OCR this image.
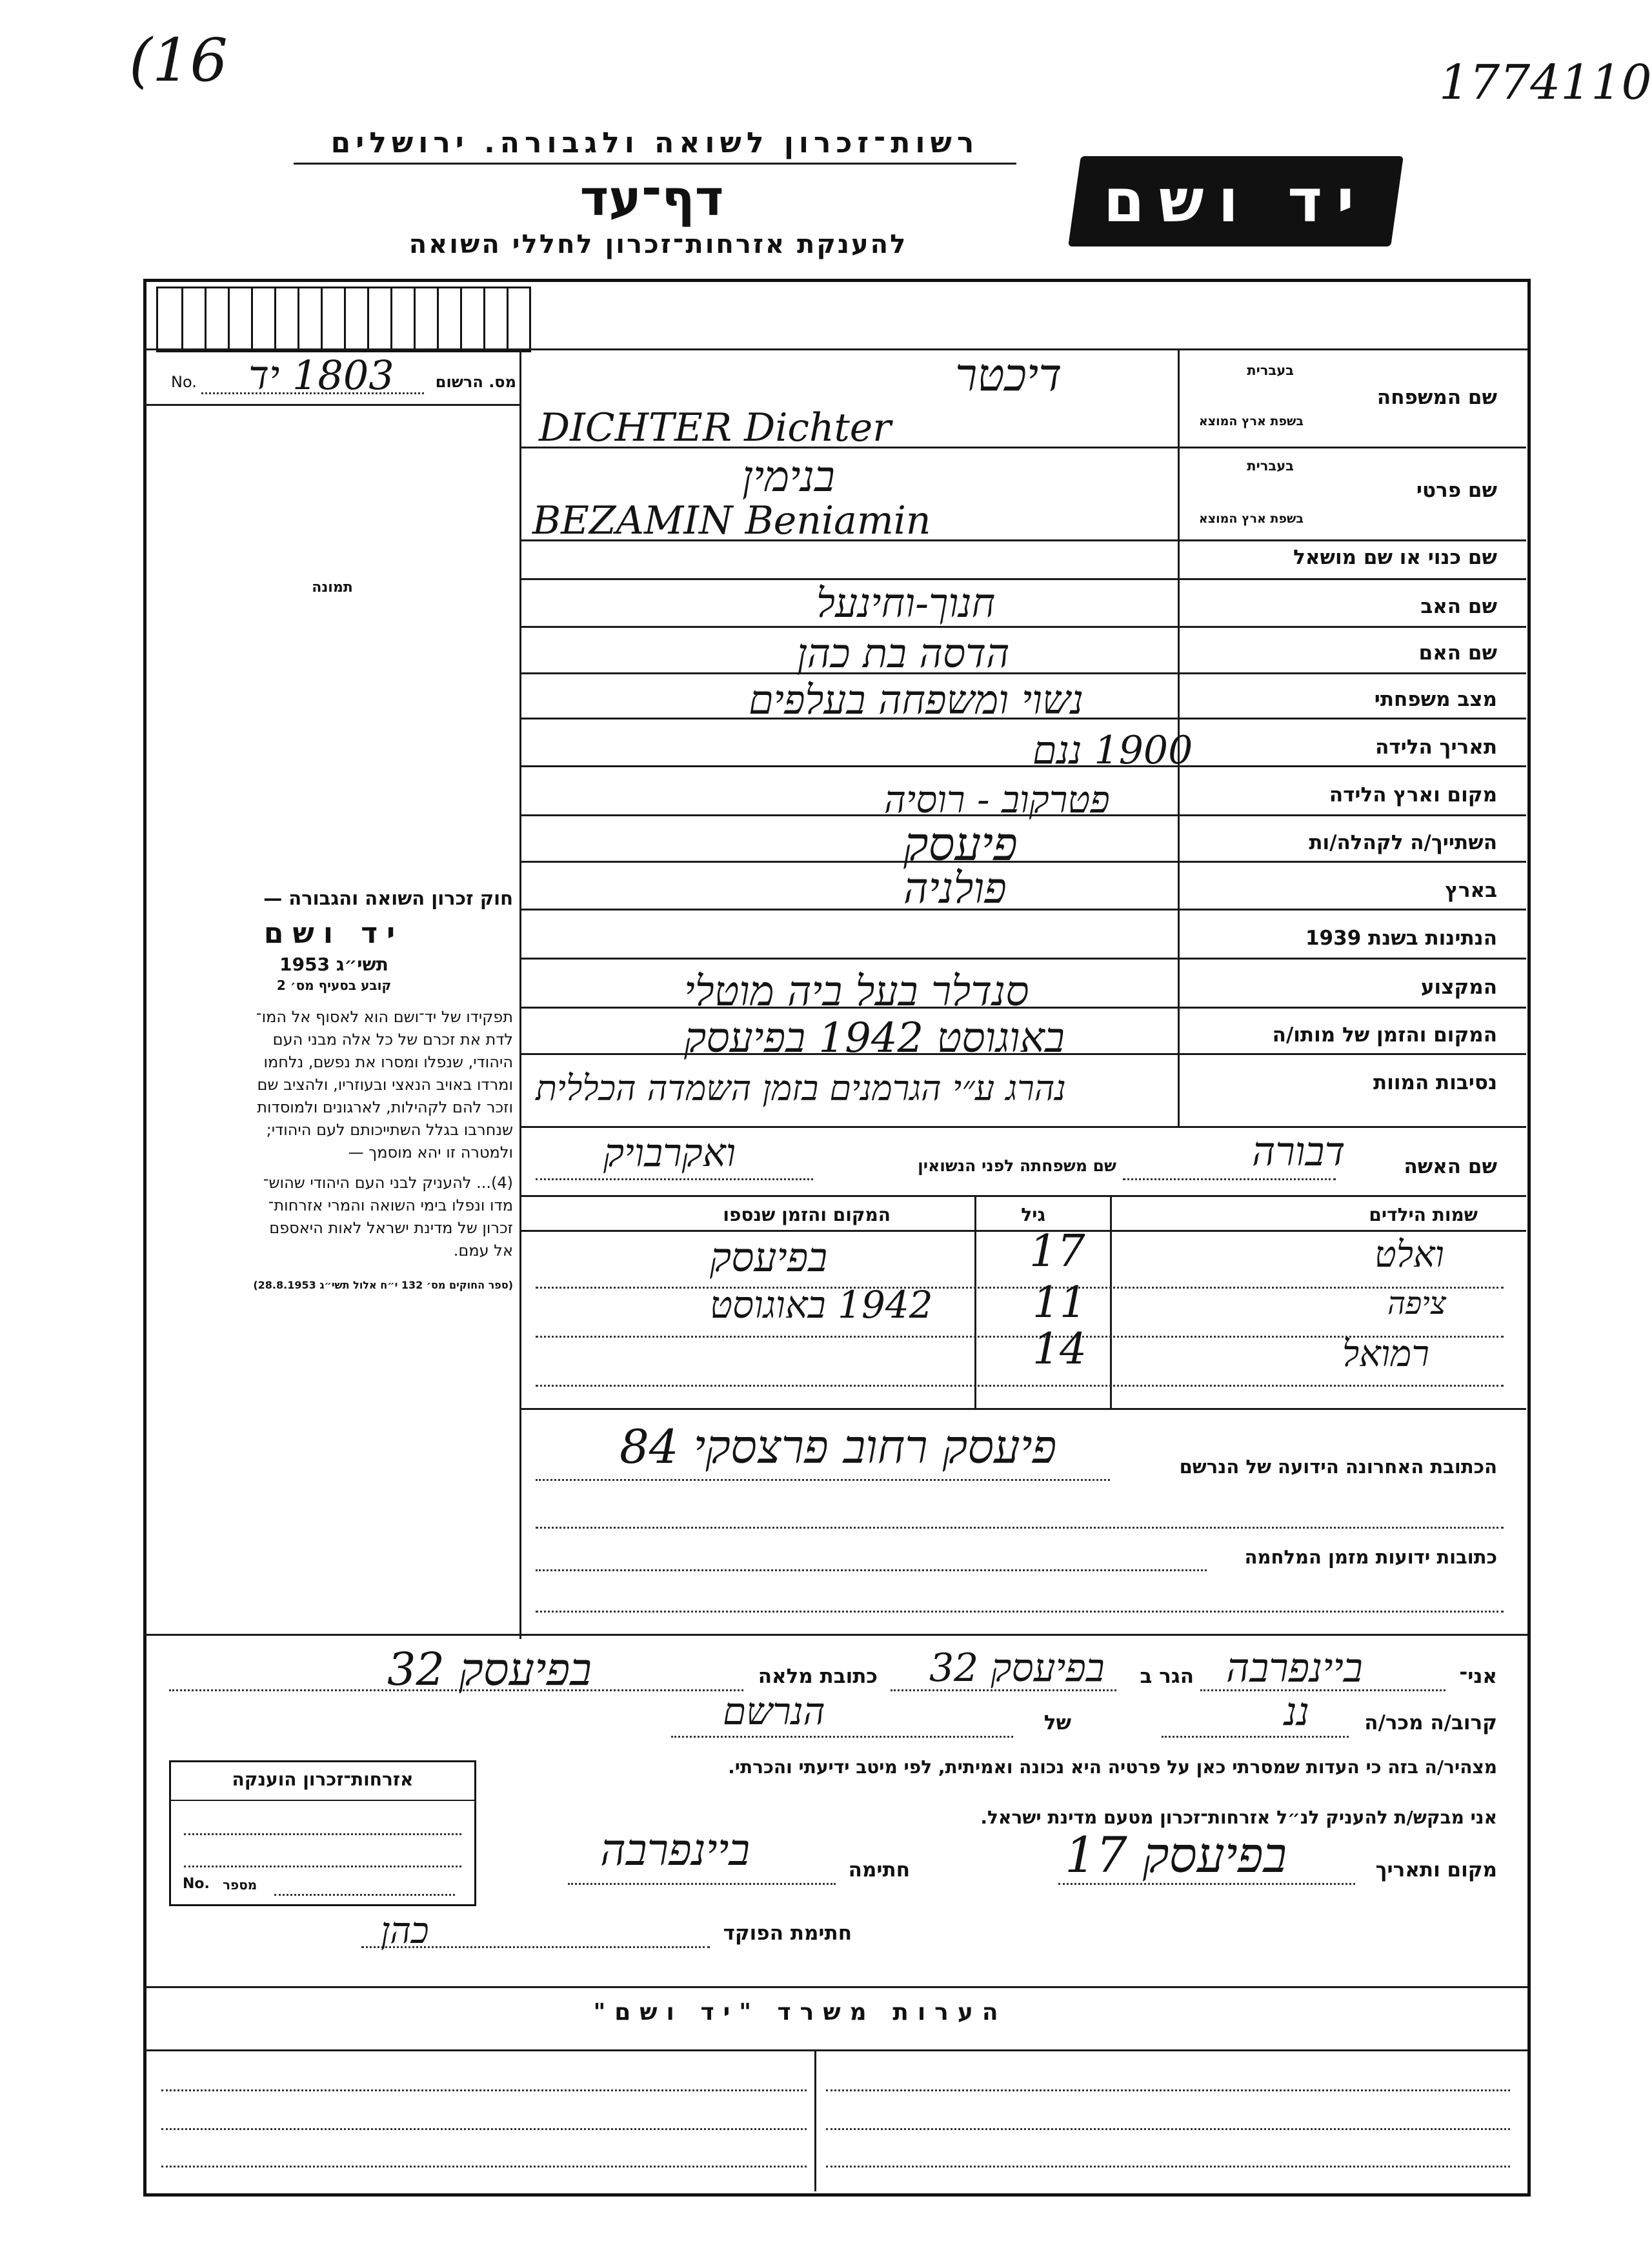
(16	1774110
רשות־זכרון לשואה ולגבורה. ירושלים
דף־עד
להענקת אזרחות־זכרון לחללי השואה
יד ושם
מס. הרשום
No. 1803 יד
תמונה
חוק זכרון השואה והגבורה —
יד ושם
תשי״ג 1953
קובע בסעיף מס׳ 2
תפקידו של יד־ושם הוא לאסוף אל המו־
לדת את זכרם של כל אלה מבני העם
היהודי, שנפלו ומסרו את נפשם, נלחמו
ומרדו באויב הנאצי ובעוזריו, ולהציב שם
וזכר להם לקהילות, לארגונים ולמוסדות
שנחרבו בגלל השתייכותם לעם היהודי;
ולמטרה זו יהא מוסמך —
(4)... להעניק לבני העם היהודי שהוש־
מדו ונפלו בימי השואה והמרי אזרחות־
זכרון של מדינת ישראל לאות היאספם
אל עמם.
(ספר החוקים מס׳ 132 י״ח אלול תשי״ג 28.8.1953)
בעברית
שם המשפחה
בשפת ארץ המוצא
בעברית
שם פרטי
בשפת ארץ המוצא
שם כנוי או שם מושאל
שם האב
שם האם
מצב משפחתי
תאריך הלידה
מקום וארץ הלידה
השתייך/ה לקהלה/ות
בארץ
הנתינות בשנת 1939
המקצוע
המקום והזמן של מותו/ה
נסיבות המוות
דיכטר
DICHTER Dichter
בנימין
BEZAMIN Beniamin
חנוך-וחינעל
הדסה בת כהן
נשוי ומשפחה בעלפים
1900 ננם
פטרקוב - רוסיה
פיעסק
פולניה
סנדלר בעל ביה מוטלי
באוגוסט 1942 בפיעסק
נהרג ע״י הגרמנים בזמן השמדה הכללית
שם האשה
דבורה
שם משפחתה לפני הנשואין
ואקרבויק
שמות הילדים
גיל
המקום והזמן שנספו
ואלט
17
בפיעסק
ציפה
11
1942 באוגוסט
רמואל
14
הכתובת האחרונה הידועה של הנרשם
פיעסק רחוב פרצסקי 84
כתובות ידועות מזמן המלחמה
אני־
ביינפרבה
הגר ב
בפיעסק 32
כתובת מלאה
בפיעסק 32
קרוב/ה מכר/ה
ננ
של
הנרשם
מצהיר/ה בזה כי העדות שמסרתי כאן על פרטיה היא נכונה ואמיתית, לפי מיטב ידיעתי והכרתי.
אני מבקש/ת להעניק לנ״ל אזרחות־זכרון מטעם מדינת ישראל.
מקום ותאריך
בפיעסק 17
חתימה
ביינפרבה
חתימת הפוקד
כהן
אזרחות־זכרון הוענקה
No. מספר
הערות משרד "יד ושם"
